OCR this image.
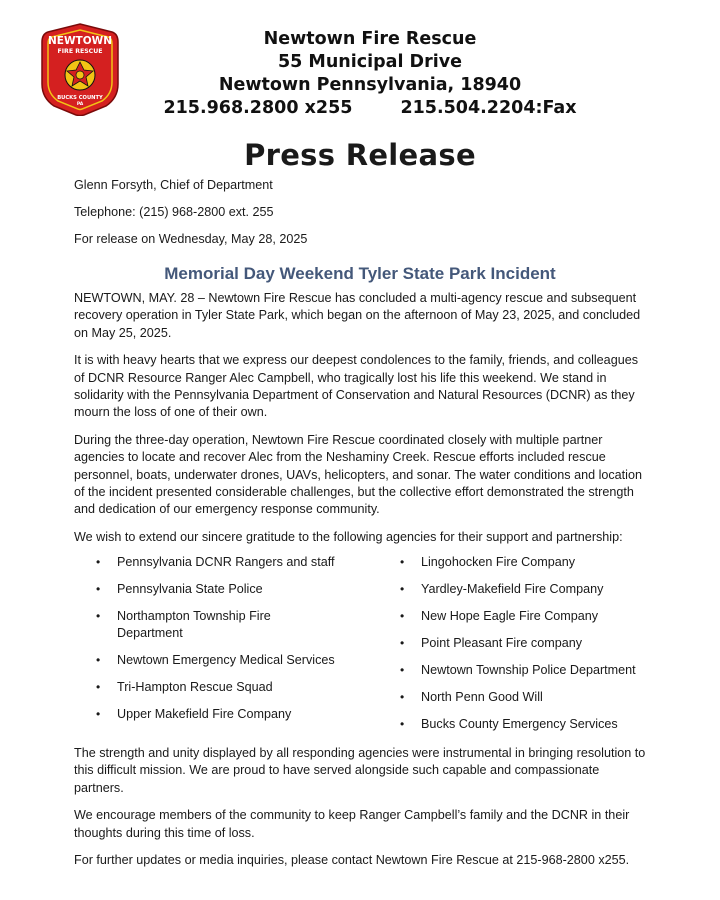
NEWTOWN
FIRE RESCUE
BUCKS COUNTY
PA
Newtown Fire Rescue
55 Municipal Drive
Newtown Pennsylvania, 18940
215.968.2800 x255	215.504.2204:Fax
Press Release

Glenn Forsyth, Chief of Department

Telephone: (215) 968-2800 ext. 255

For release on Wednesday, May 28, 2025

Memorial Day Weekend Tyler State Park Incident

NEWTOWN, MAY. 28 – Newtown Fire Rescue has concluded a multi-agency rescue and subsequent recovery operation in Tyler State Park, which began on the afternoon of May 23, 2025, and concluded on May 25, 2025.

It is with heavy hearts that we express our deepest condolences to the family, friends, and colleagues of DCNR Resource Ranger Alec Campbell, who tragically lost his life this weekend. We stand in solidarity with the Pennsylvania Department of Conservation and Natural Resources (DCNR) as they mourn the loss of one of their own.

During the three-day operation, Newtown Fire Rescue coordinated closely with multiple partner agencies to locate and recover Alec from the Neshaminy Creek. Rescue efforts included rescue personnel, boats, underwater drones, UAVs, helicopters, and sonar. The water conditions and location of the incident presented considerable challenges, but the collective effort demonstrated the strength and dedication of our emergency response community.

We wish to extend our sincere gratitude to the following agencies for their support and partnership:

• Pennsylvania DCNR Rangers and staff
• Pennsylvania State Police
• Northampton Township Fire Department
• Newtown Emergency Medical Services
• Tri-Hampton Rescue Squad
• Upper Makefield Fire Company
• Lingohocken Fire Company
• Yardley-Makefield Fire Company
• New Hope Eagle Fire Company
• Point Pleasant Fire company
• Newtown Township Police Department
• North Penn Good Will
• Bucks County Emergency Services

The strength and unity displayed by all responding agencies were instrumental in bringing resolution to this difficult mission. We are proud to have served alongside such capable and compassionate partners.

We encourage members of the community to keep Ranger Campbell’s family and the DCNR in their thoughts during this time of loss.

For further updates or media inquiries, please contact Newtown Fire Rescue at 215-968-2800 x255.
